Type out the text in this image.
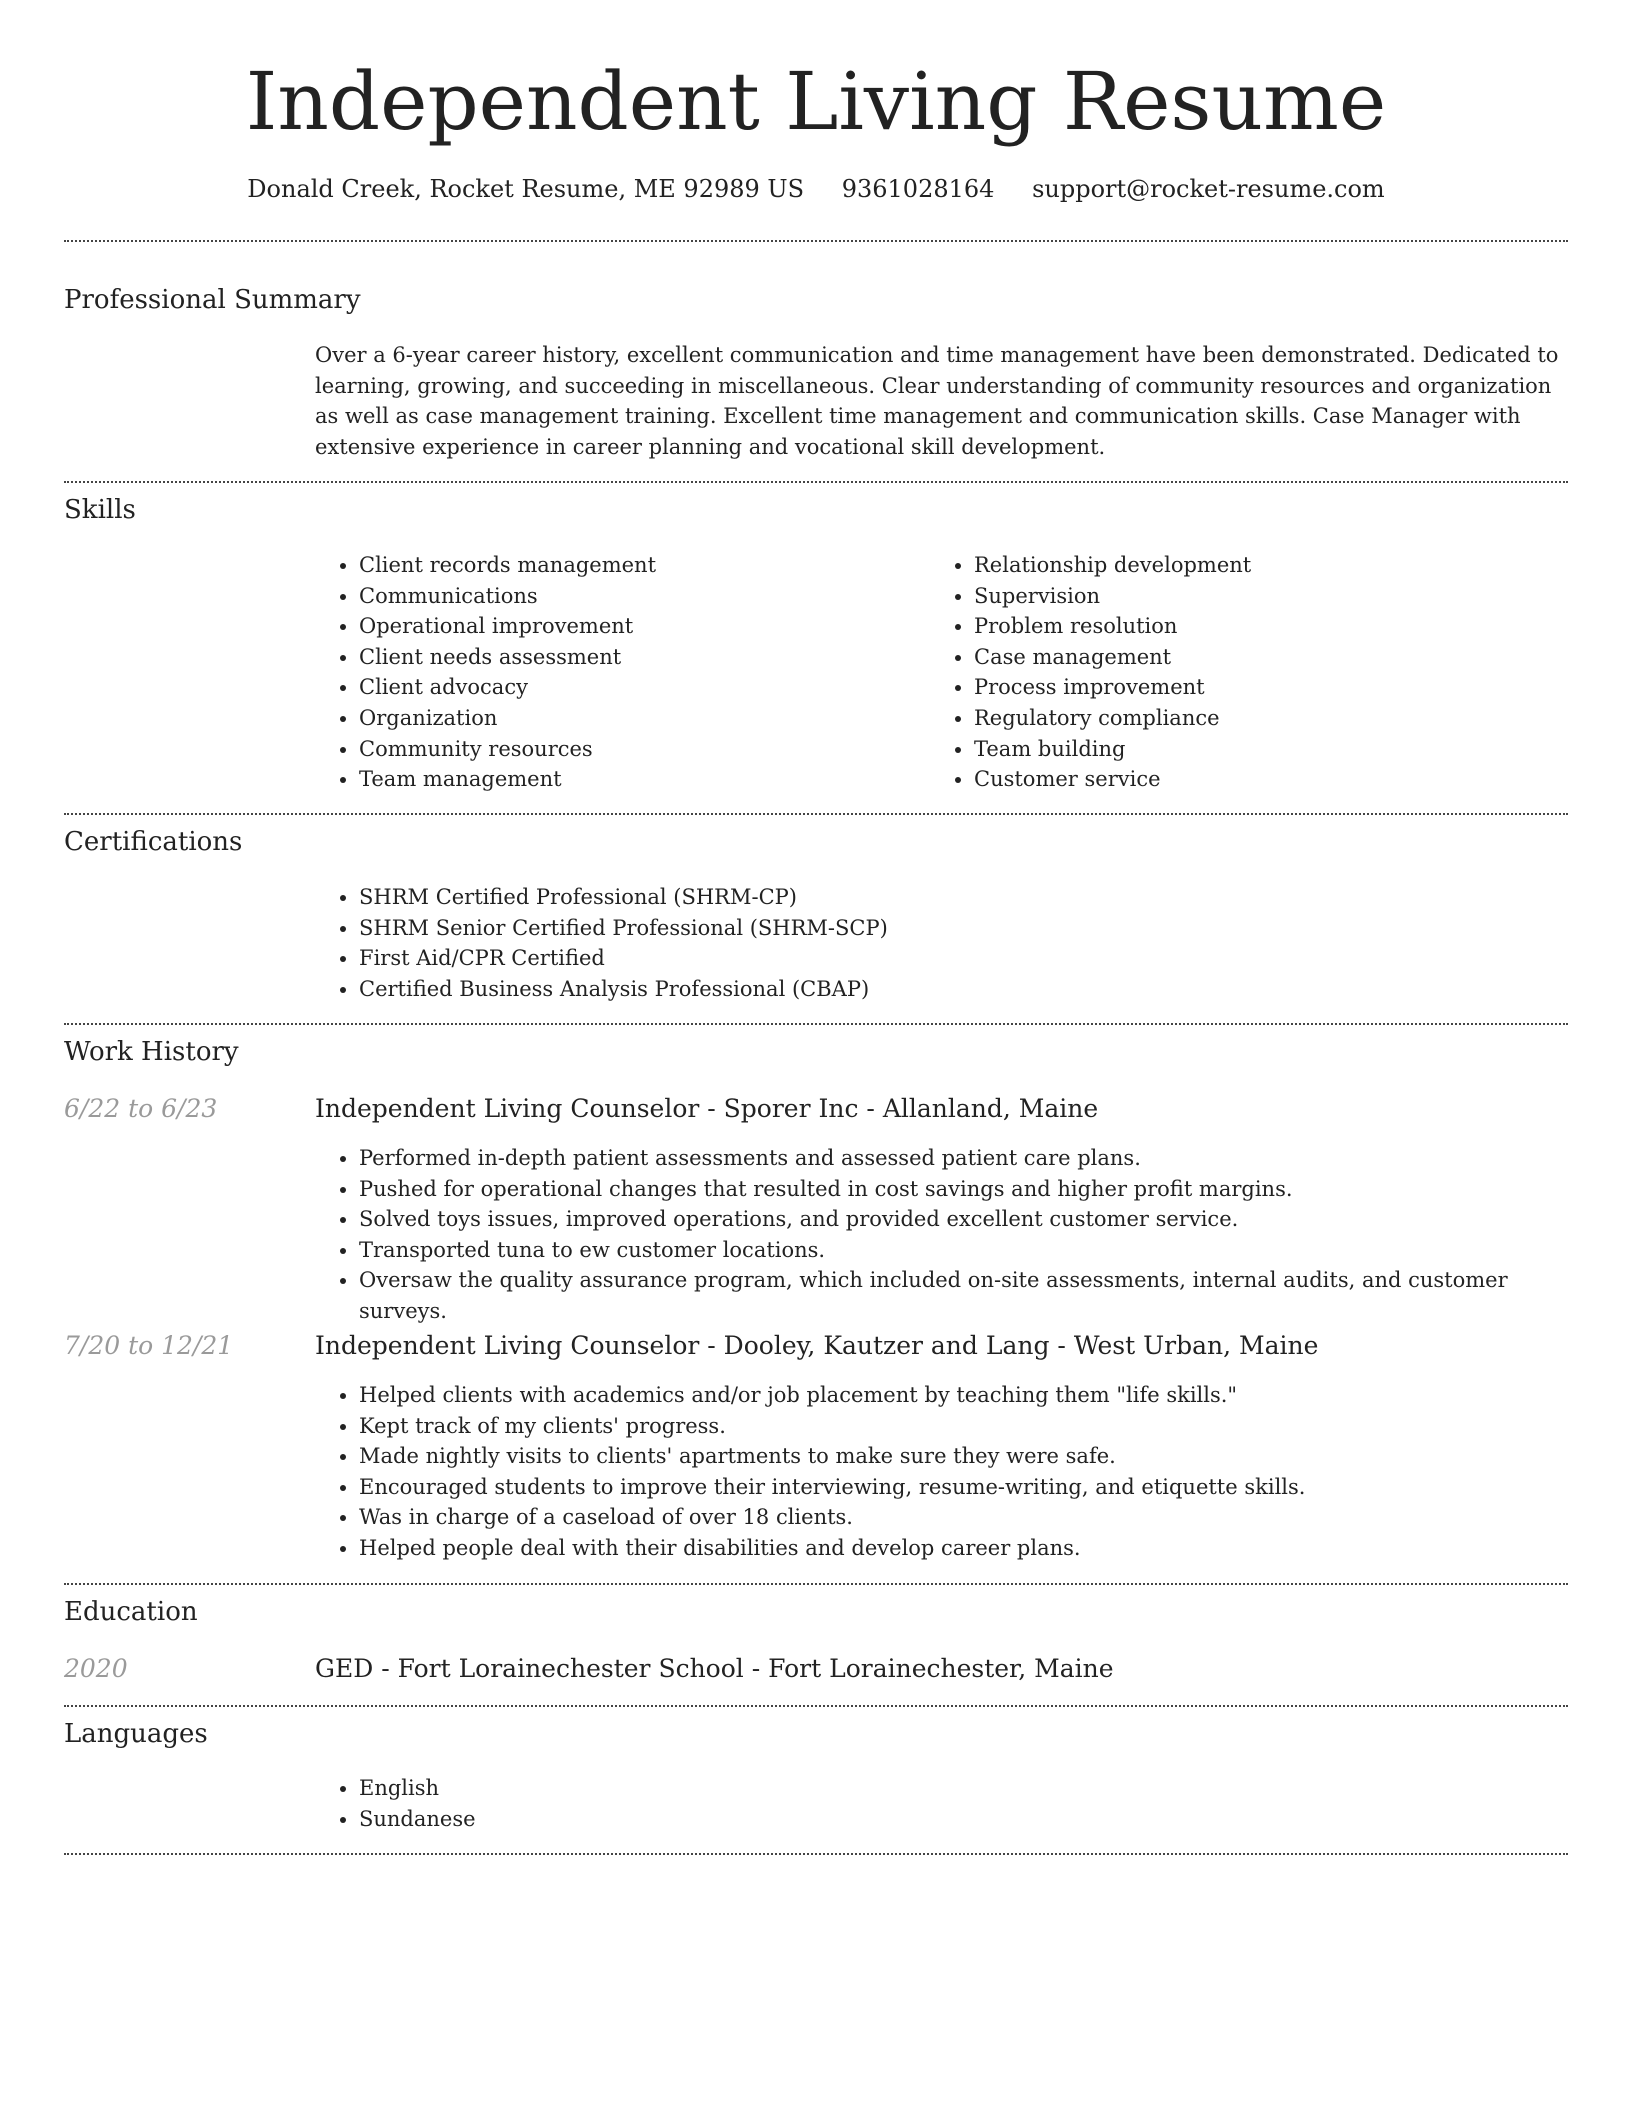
Independent Living Resume
Donald Creek, Rocket Resume, ME 92989 US 9361028164 support@rocket-resume.com
Professional Summary

Over a 6-year career history, excellent communication and time management have been demonstrated. Dedicated to learning, growing, and succeeding in miscellaneous. Clear understanding of community resources and organization as well as case management training. Excellent time management and communication skills. Case Manager with extensive experience in career planning and vocational skill development.

Skills
• Client records management
• Communications
• Operational improvement
• Client needs assessment
• Client advocacy
• Organization
• Community resources
• Team management
• Relationship development
• Supervision
• Problem resolution
• Case management
• Process improvement
• Regulatory compliance
• Team building
• Customer service
Certifications
• SHRM Certified Professional (SHRM-CP)
• SHRM Senior Certified Professional (SHRM-SCP)
• First Aid/CPR Certified
• Certified Business Analysis Professional (CBAP)
Work History
6/22 to 6/23	Independent Living Counselor - Sporer Inc - Allanland, Maine
• Performed in-depth patient assessments and assessed patient care plans.
• Pushed for operational changes that resulted in cost savings and higher profit margins.
• Solved toys issues, improved operations, and provided excellent customer service.
• Transported tuna to ew customer locations.
• Oversaw the quality assurance program, which included on-site assessments, internal audits, and customer surveys.
7/20 to 12/21	Independent Living Counselor - Dooley, Kautzer and Lang - West Urban, Maine
• Helped clients with academics and/or job placement by teaching them "life skills."
• Kept track of my clients' progress.
• Made nightly visits to clients' apartments to make sure they were safe.
• Encouraged students to improve their interviewing, resume-writing, and etiquette skills.
• Was in charge of a caseload of over 18 clients.
• Helped people deal with their disabilities and develop career plans.
Education
2020	GED - Fort Lorainechester School - Fort Lorainechester, Maine
Languages
• English
• Sundanese
